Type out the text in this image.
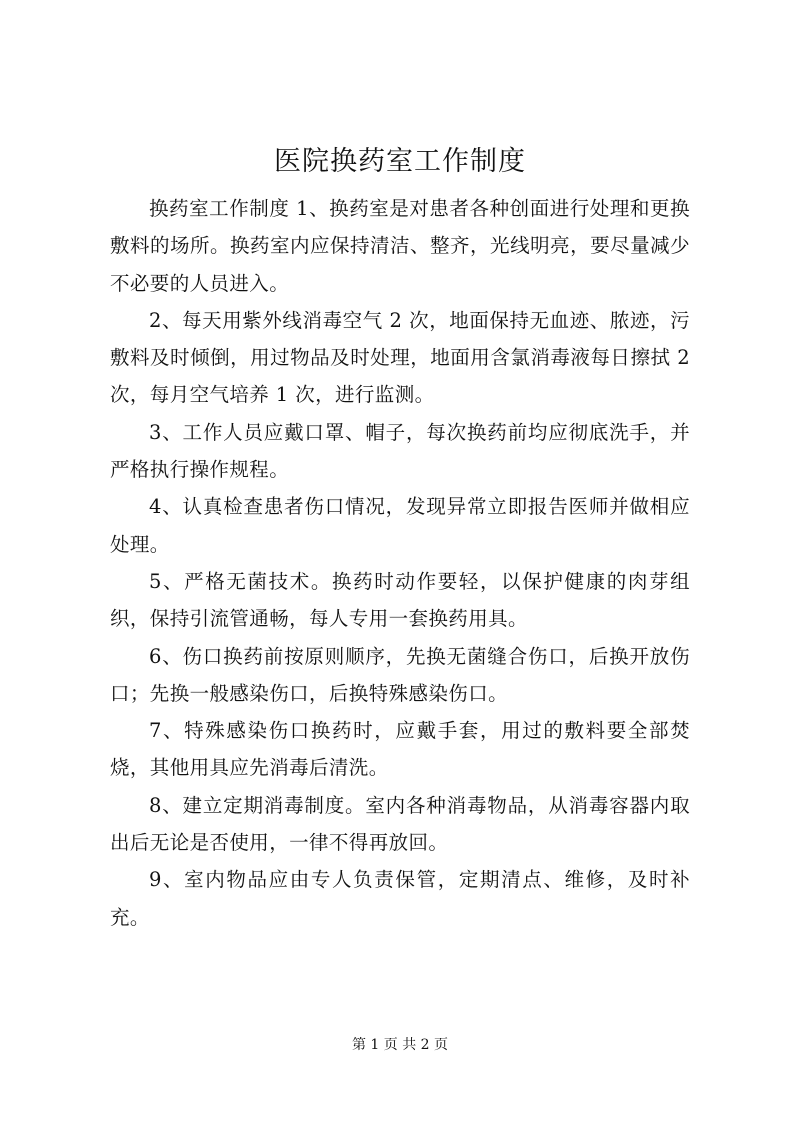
医院换药室工作制度

换药室工作制度 1、换药室是对患者各种创面进行处理和更换敷料的场所。换药室内应保持清洁、整齐，光线明亮，要尽量减少不必要的人员进入。

2、每天用紫外线消毒空气 2 次，地面保持无血迹、脓迹，污敷料及时倾倒，用过物品及时处理，地面用含氯消毒液每日擦拭 2 次，每月空气培养 1 次，进行监测。

3、工作人员应戴口罩、帽子，每次换药前均应彻底洗手，并严格执行操作规程。

4、认真检查患者伤口情况，发现异常立即报告医师并做相应处理。

5、严格无菌技术。换药时动作要轻，以保护健康的肉芽组织，保持引流管通畅，每人专用一套换药用具。

6、伤口换药前按原则顺序，先换无菌缝合伤口，后换开放伤口；先换一般感染伤口，后换特殊感染伤口。

7、特殊感染伤口换药时，应戴手套，用过的敷料要全部焚烧，其他用具应先消毒后清洗。

8、建立定期消毒制度。室内各种消毒物品，从消毒容器内取出后无论是否使用，一律不得再放回。

9、室内物品应由专人负责保管，定期清点、维修，及时补充。

第 1 页 共 2 页
